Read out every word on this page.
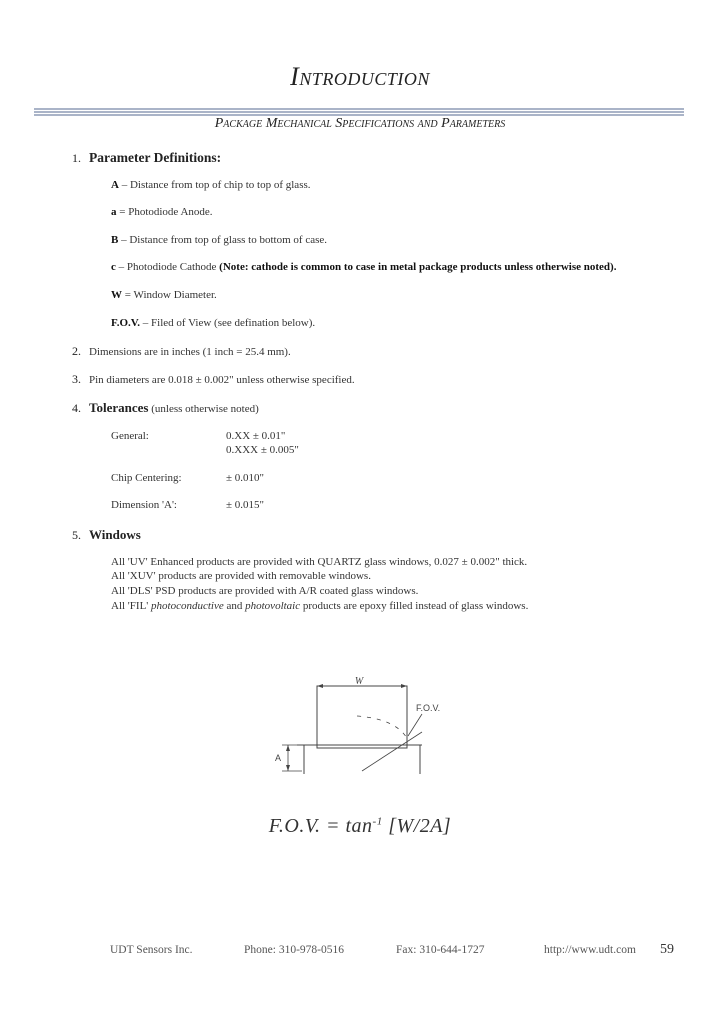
Introduction
Package Mechanical Specifications and Parameters
1. Parameter Definitions:
A – Distance from top of chip to top of glass.
a = Photodiode Anode.
B – Distance from top of glass to bottom of case.
c – Photodiode Cathode (Note: cathode is common to case in metal package products unless otherwise noted).
W = Window Diameter.
F.O.V. – Filed of View (see defination below).
2. Dimensions are in inches (1 inch = 25.4 mm).
3. Pin diameters are 0.018 ± 0.002" unless otherwise specified.
4. Tolerances (unless otherwise noted)
General:	0.XX ± 0.01"
0.XXX ± 0.005"
Chip Centering:	± 0.010"
Dimension 'A':	± 0.015"
5. Windows
All 'UV' Enhanced products are provided with QUARTZ glass windows, 0.027 ± 0.002" thick.
All 'XUV' products are provided with removable windows.
All 'DLS' PSD products are provided with A/R coated glass windows.
All 'FIL' photoconductive and photovoltaic products are epoxy filled instead of glass windows.
W
F.O.V.
A
F.O.V. = $\tan^{-1} [W/2A]$
UDT Sensors Inc.	Phone: 310-978-0516	Fax: 310-644-1727	http://www.udt.com 59
